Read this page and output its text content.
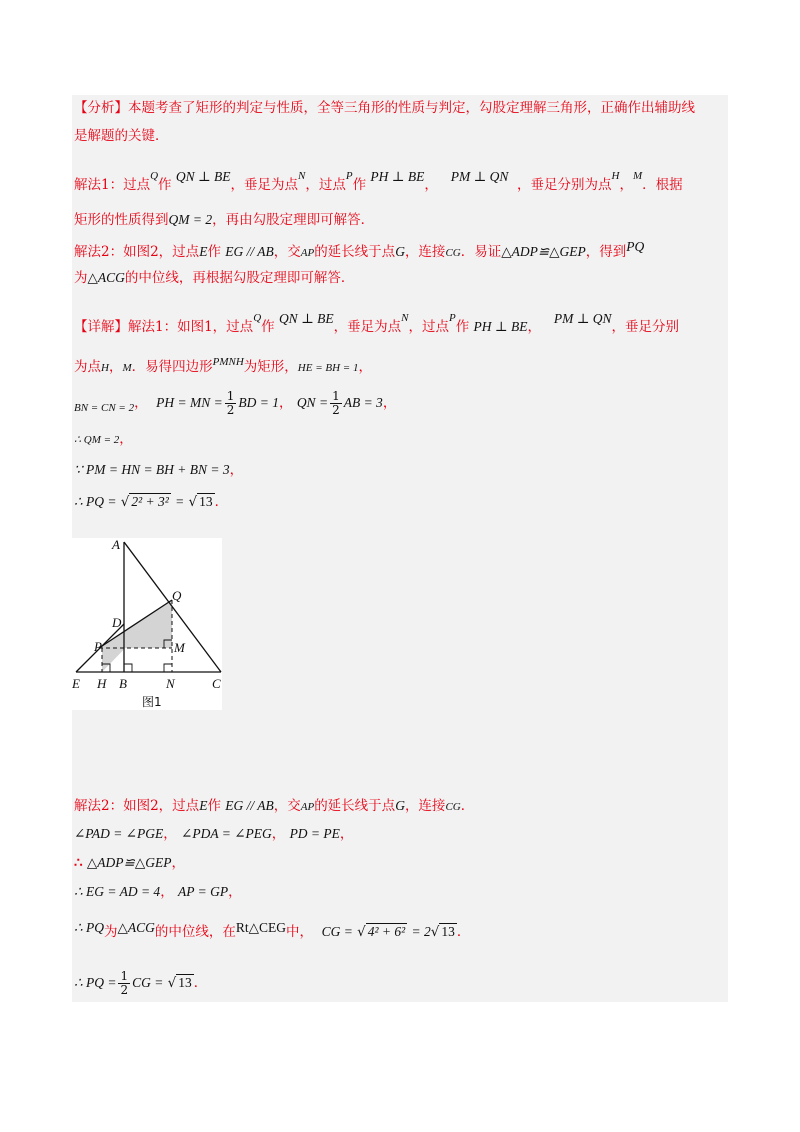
【分析】本题考查了矩形的判定与性质，全等三角形的性质与判定，勾股定理解三角形，正确作出辅助线
是解题的关键．
解法1：过点$^Q$作 QN ⊥ BE，垂足为点$^N$，过点$^P$作 PH ⊥ BE，   PM ⊥ QN  ，垂足分别为点$^H$，$^M$．根据
矩形的性质得到QM = 2，再由勾股定理即可解答．
解法2：如图2，过点E作 EG // AB，交AP的延长线于点G，连接CG．易证△ADP≌△GEP，得到PQ
为△ACG的中位线，再根据勾股定理即可解答．
【详解】解法1：如图1，过点$^Q$作 QN ⊥ BE，垂足为点$^N$，过点$^P$作 PH ⊥ BE，   PM ⊥ QN，垂足分别
为点H，M．易得四边形$^{PMNH}$为矩形，HE = BH = 1，
$_{BN = CN = 2}$， PH = MN = $\frac{1}{2}$ BD = 1， QN = $\frac{1}{2}$ AB = 3，
∴ QM = 2，
∵ PM = HN = BH + BN = 3，
∴ PQ = √ 2² + 3² = √ 13 ．
A
Q
D
P	M
E H B	N	C
图1
解法2：如图2，过点E作 EG // AB，交AP的延长线于点G，连接CG．
∠PAD = ∠PGE， ∠PDA = ∠PEG， PD = PE，
∴ △ADP≌△GEP，
∴ EG = AD = 4， AP = GP，
∴ PQ为△ACG的中位线，在Rt△CEG中， CG = √ 4² + 6² = 2√ 13 ．
∴ PQ = $\frac{1}{2}$ CG = √ 13 ．
